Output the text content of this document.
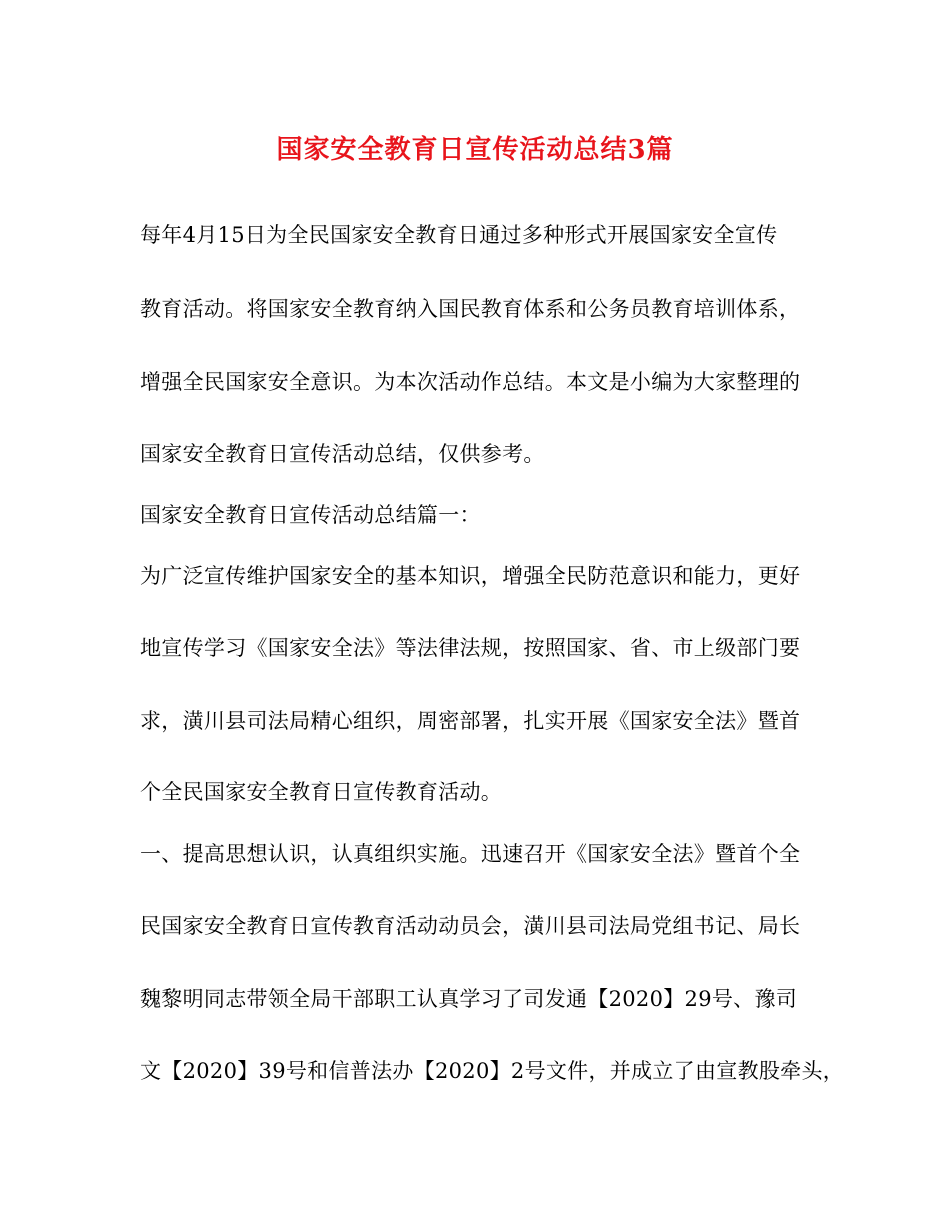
国家安全教育日宣传活动总结3篇
每年4月15日为全民国家安全教育日通过多种形式开展国家安全宣传
教育活动。将国家安全教育纳入国民教育体系和公务员教育培训体系，
增强全民国家安全意识。为本次活动作总结。本文是小编为大家整理的
国家安全教育日宣传活动总结，仅供参考。
国家安全教育日宣传活动总结篇一：
为广泛宣传维护国家安全的基本知识，增强全民防范意识和能力，更好
地宣传学习《国家安全法》等法律法规，按照国家、省、市上级部门要
求，潢川县司法局精心组织，周密部署，扎实开展《国家安全法》暨首
个全民国家安全教育日宣传教育活动。
一、提高思想认识，认真组织实施。迅速召开《国家安全法》暨首个全
民国家安全教育日宣传教育活动动员会，潢川县司法局党组书记、局长
魏黎明同志带领全局干部职工认真学习了司发通【2020】29号、豫司
文【2020】39号和信普法办【2020】2号文件，并成立了由宣教股牵头，
